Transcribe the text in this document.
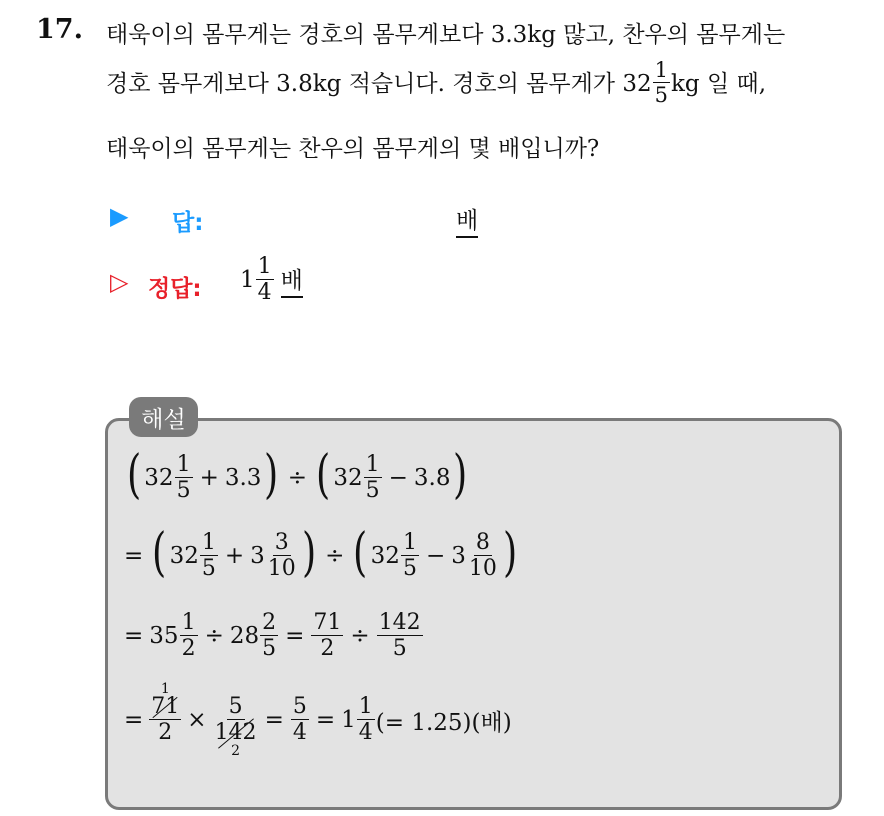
17. 태욱이의 몸무게는 경호의 몸무게보다 3.3kg 많고, 찬우의 몸무게는
경호 몸무게보다 3.8kg 적습니다. 경호의 몸무게가 $32 \frac{1}{5}$ kg 일 때,
태욱이의 몸무게는 찬우의 몸무게의 몇 배입니까?
▶ 답:	배
▷ 정답: $1 \frac{1}{4}$ 배
해설
( $32 \frac{1}{5} + 3.3$ ) ÷ ( $32 \frac{1}{5} - 3.8$ )
= ( $32 \frac{1}{5} + 3 \frac{3}{10}$ ) ÷ ( $32 \frac{1}{5} - 3 \frac{8}{10}$ )
= $35 \frac{1}{2} \div 28 \frac{2}{5} = \frac{71}{2} \div \frac{142}{5}$
=
1
$\frac{71}{2} \times \frac{5}{142}$
2
= $\frac{5}{4} = 1 \frac{1}{4}$ (= 1.25)(배)
